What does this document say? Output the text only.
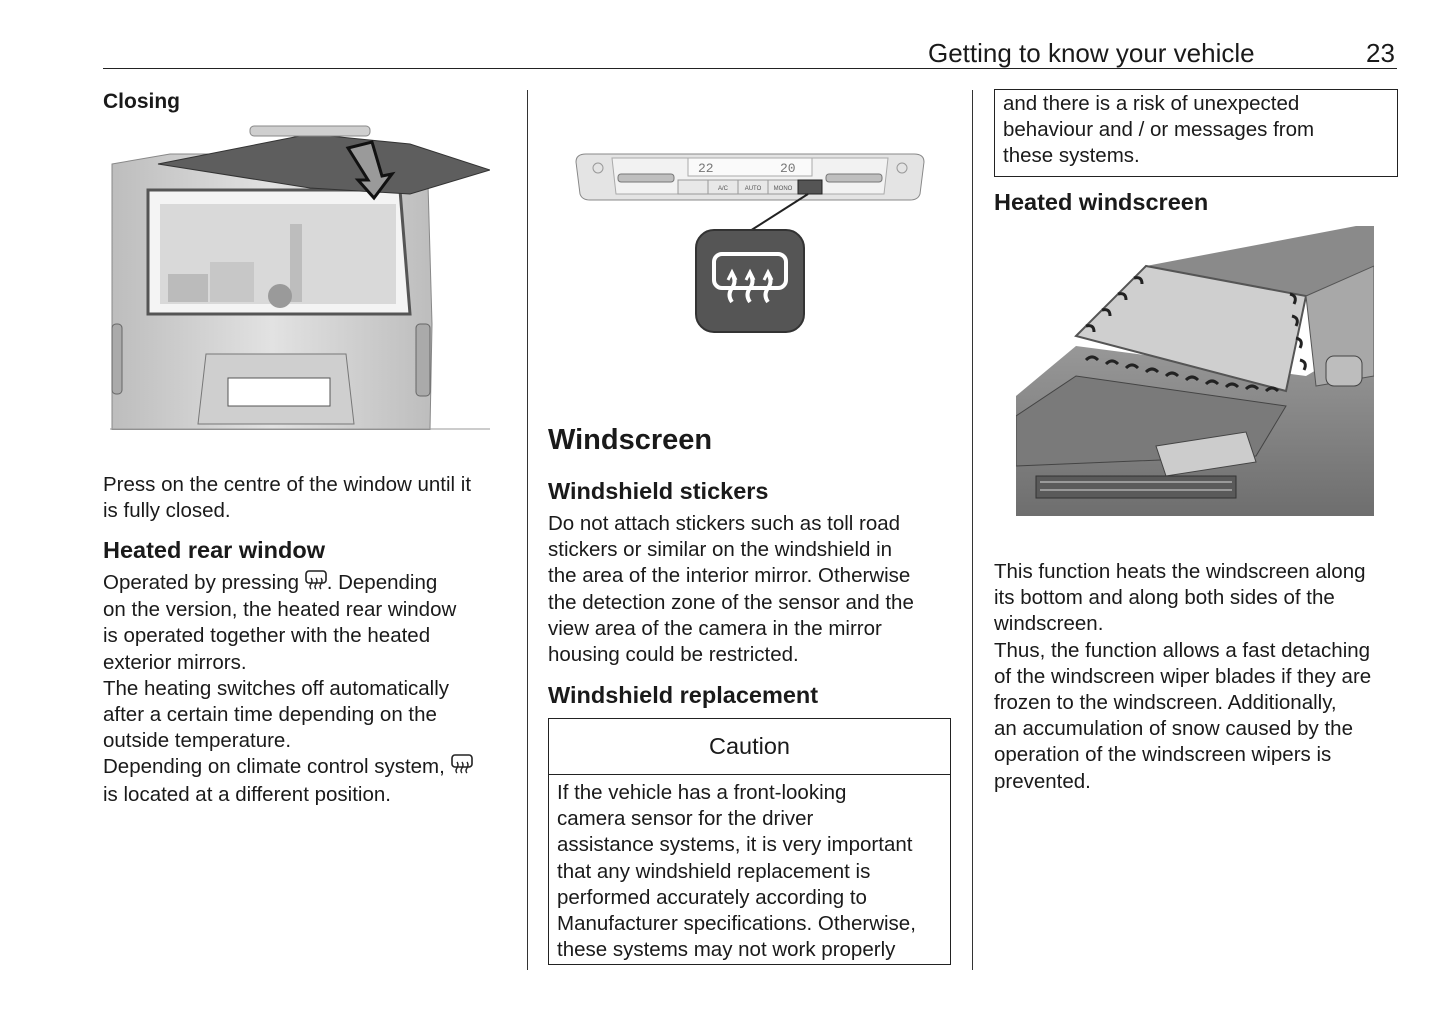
Getting to know your vehicle	23
Closing

Press on the centre of the window until it
is fully closed.

Heated rear window

Operated by pressing . Depending

on the version, the heated rear window
is operated together with the heated
exterior mirrors.
The heating switches off automatically
after a certain time depending on the
outside temperature.

Depending on climate control system,

is located at a different position.

22	20
A/C	AUTO MONO
Windscreen
Windshield stickers

Do not attach stickers such as toll road
stickers or similar on the windshield in
the area of the interior mirror. Otherwise
the detection zone of the sensor and the
view area of the camera in the mirror
housing could be restricted.

Windshield replacement
Caution
If the vehicle has a front-looking
camera sensor for the driver
assistance systems, it is very important
that any windshield replacement is
performed accurately according to
Manufacturer specifications. Otherwise,
these systems may not work properly
and there is a risk of unexpected
behaviour and / or messages from
these systems.
Heated windscreen

This function heats the windscreen along
its bottom and along both sides of the
windscreen.
Thus, the function allows a fast detaching
of the windscreen wiper blades if they are
frozen to the windscreen. Additionally,
an accumulation of snow caused by the
operation of the windscreen wipers is
prevented.
